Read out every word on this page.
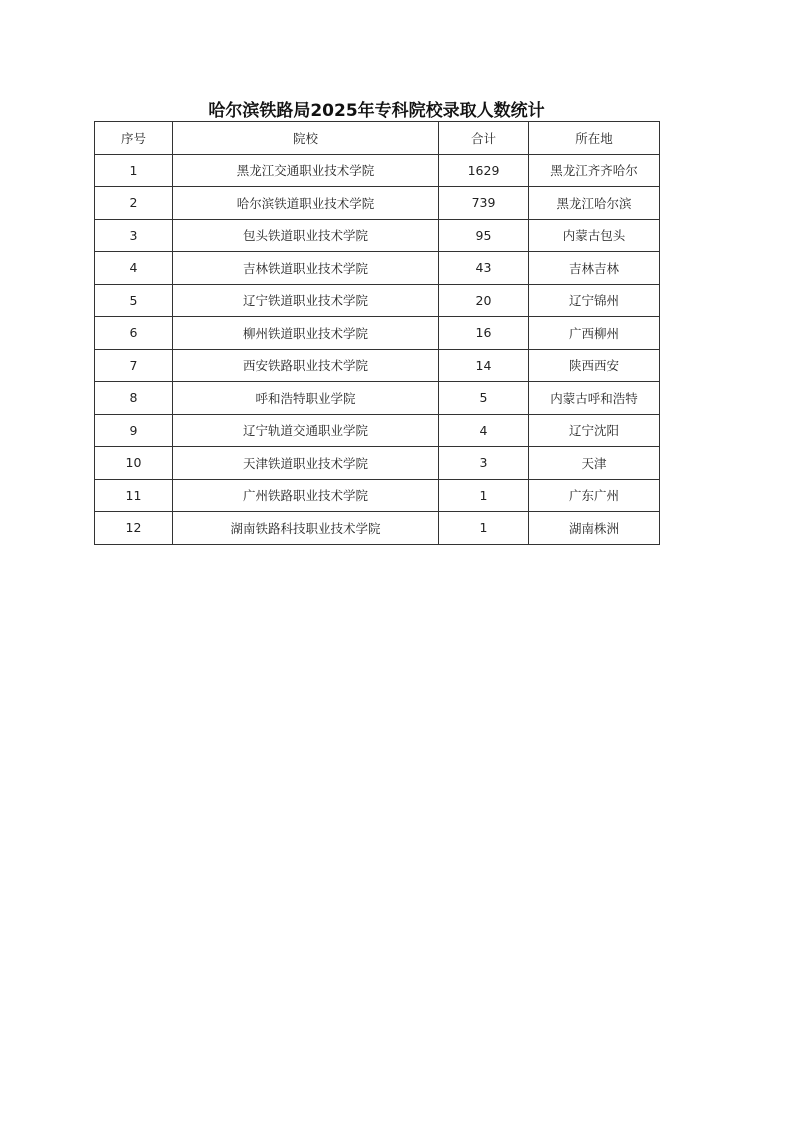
哈尔滨铁路局2025年专科院校录取人数统计
序号	院校	合计	所在地
1	黑龙江交通职业技术学院	1629	黑龙江齐齐哈尔
2	哈尔滨铁道职业技术学院	739	黑龙江哈尔滨
3	包头铁道职业技术学院	95	内蒙古包头
4	吉林铁道职业技术学院	43	吉林吉林
5	辽宁铁道职业技术学院	20	辽宁锦州
6	柳州铁道职业技术学院	16	广西柳州
7	西安铁路职业技术学院	14	陕西西安
8	呼和浩特职业学院	5	内蒙古呼和浩特
9	辽宁轨道交通职业学院	4	辽宁沈阳
10	天津铁道职业技术学院	3	天津
11	广州铁路职业技术学院	1	广东广州
12	湖南铁路科技职业技术学院	1	湖南株洲
